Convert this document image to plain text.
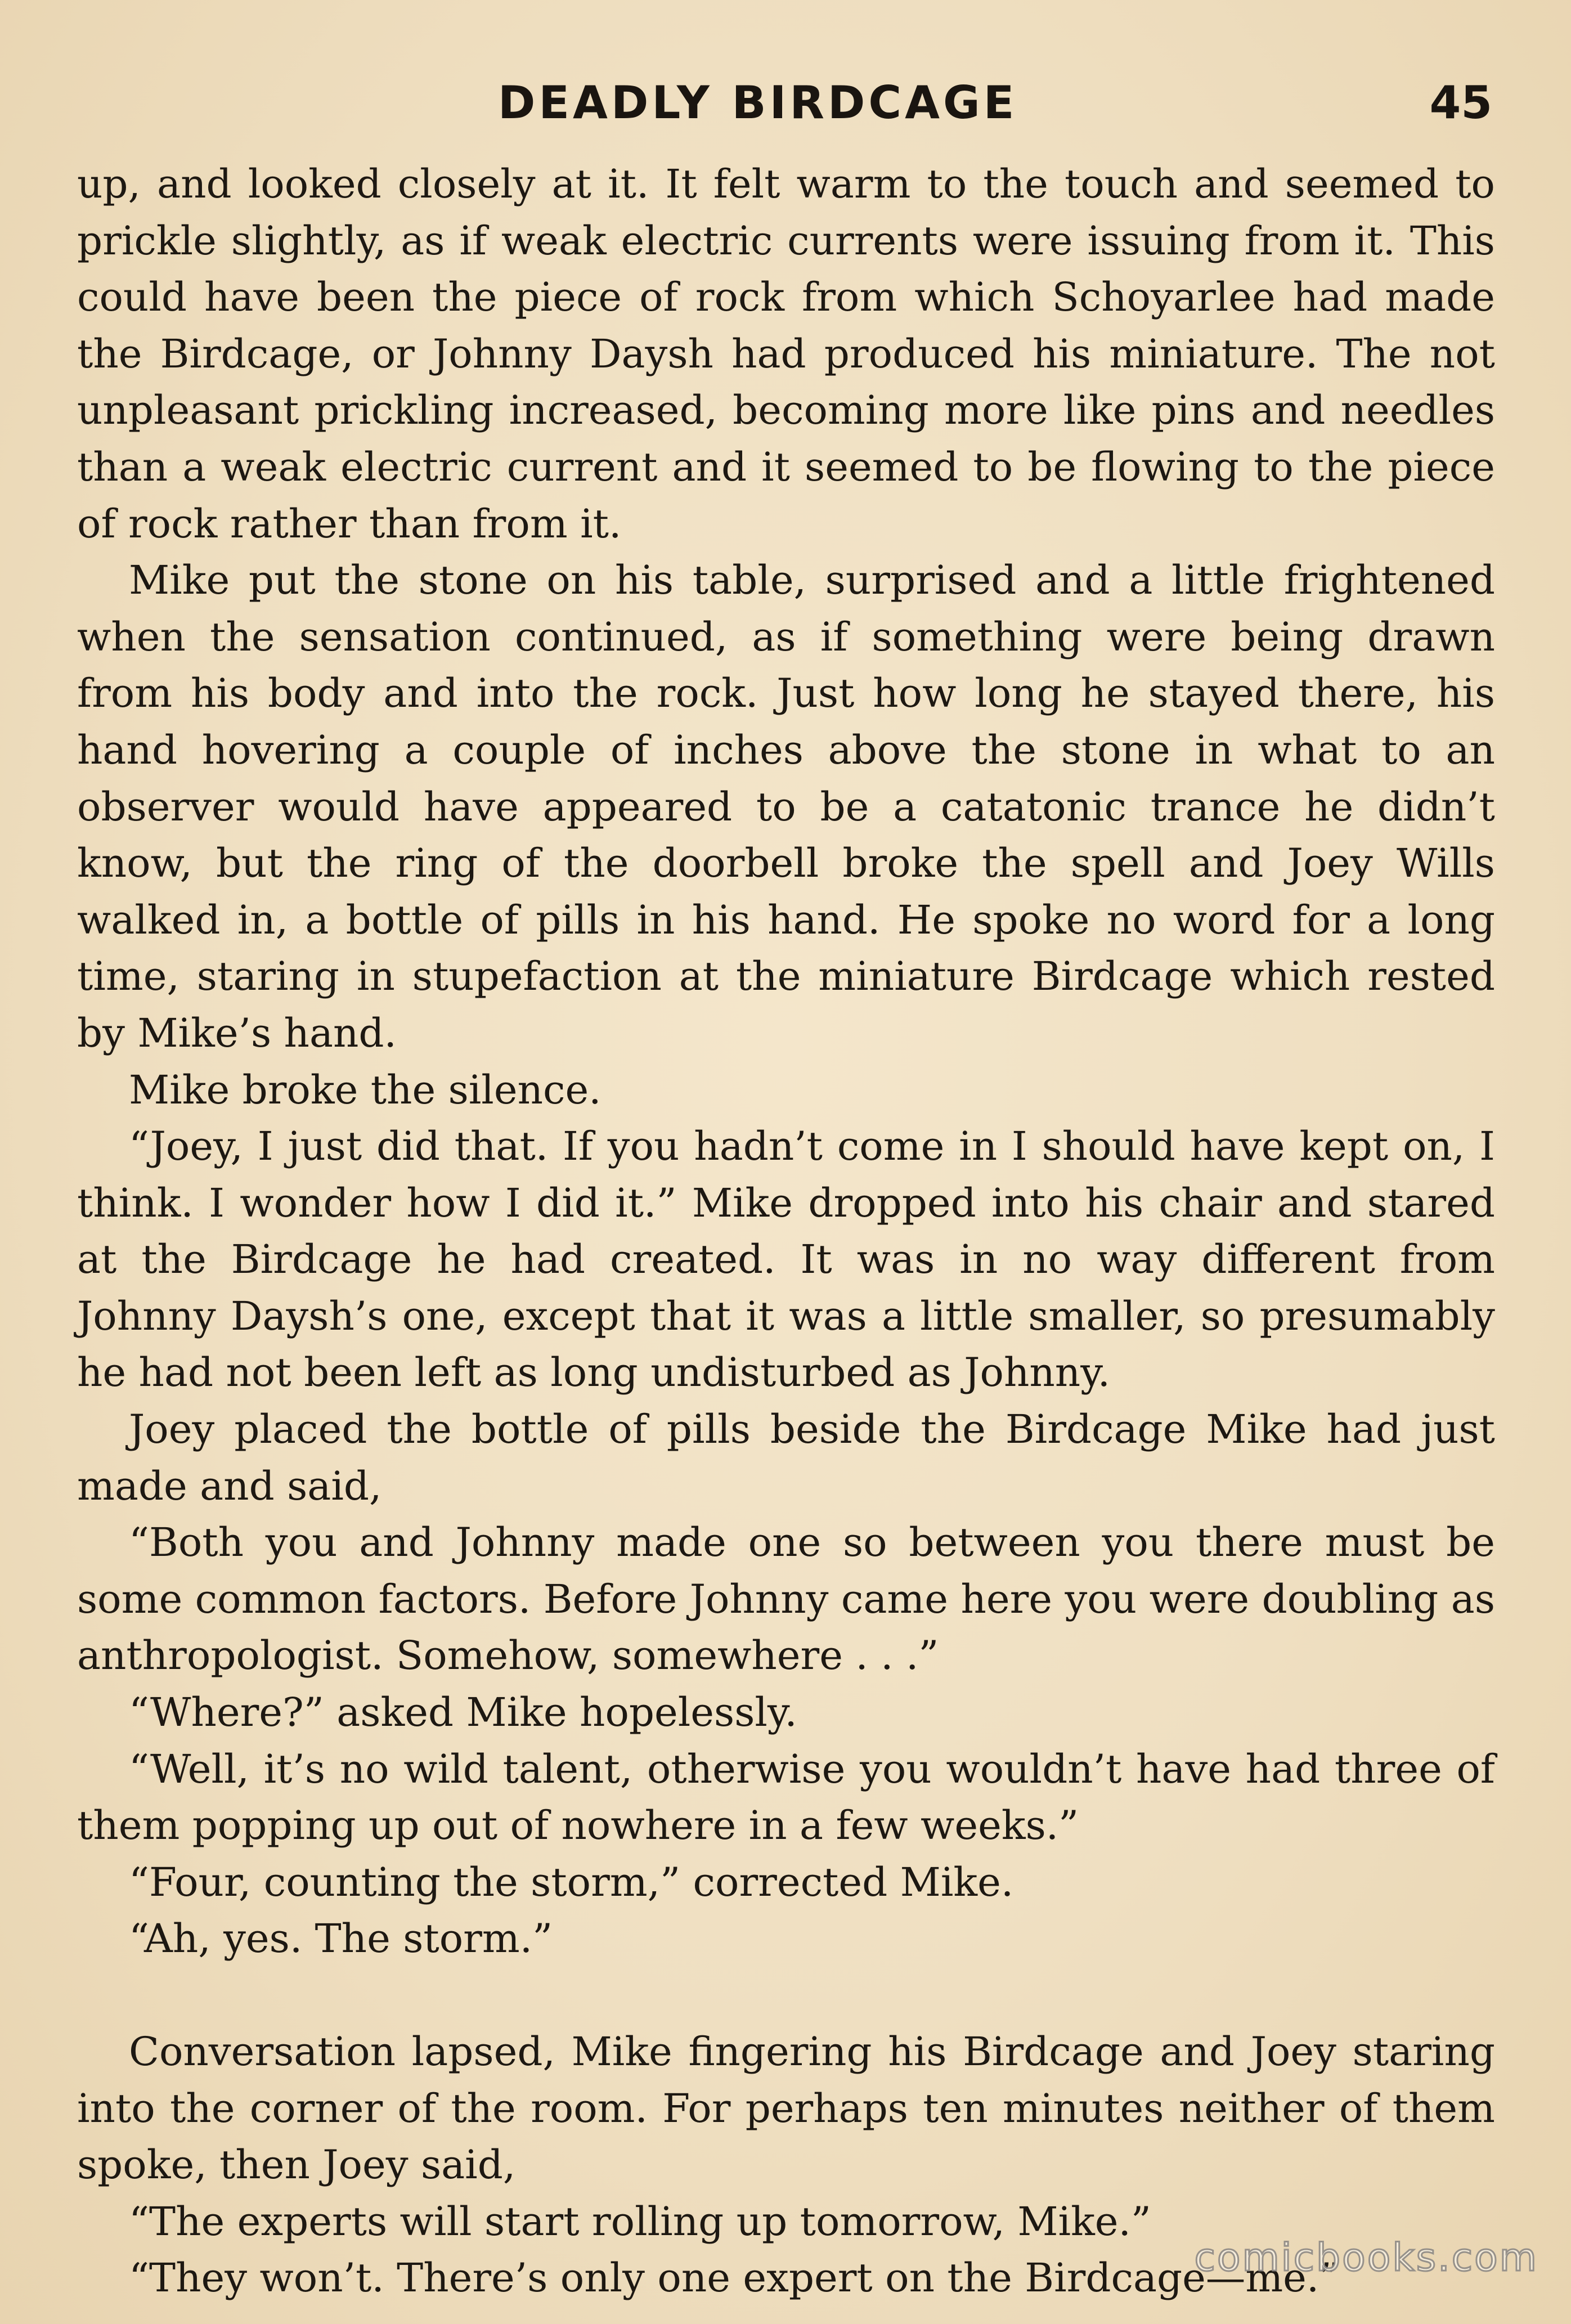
DEADLY BIRDCAGE	45

up, and looked closely at it. It felt warm to the touch and seemed to prickle slightly, as if weak electric currents were issuing from it. This could have been the piece of rock from which Schoyarlee had made the Birdcage, or Johnny Daysh had produced his miniature. The not unpleasant prickling increased, becoming more like pins and needles than a weak electric current and it seemed to be flowing to the piece of rock rather than from it.

Mike put the stone on his table, surprised and a little frightened when the sensation continued, as if something were being drawn from his body and into the rock. Just how long he stayed there, his hand hovering a couple of inches above the stone in what to an observer would have appeared to be a catatonic trance he didn’t know, but the ring of the doorbell broke the spell and Joey Wills walked in, a bottle of pills in his hand. He spoke no word for a long time, staring in stupefaction at the miniature Birdcage which rested by Mike’s hand.

Mike broke the silence.

“Joey, I just did that. If you hadn’t come in I should have kept on, I think. I wonder how I did it.” Mike dropped into his chair and stared at the Birdcage he had created. It was in no way different from Johnny Daysh’s one, except that it was a little smaller, so presumably he had not been left as long undisturbed as Johnny.

Joey placed the bottle of pills beside the Birdcage Mike had just made and said,

“Both you and Johnny made one so between you there must be some common factors. Before Johnny came here you were doubling as anthropologist. Somehow, somewhere . . .”

“Where?” asked Mike hopelessly.

“Well, it’s no wild talent, otherwise you wouldn’t have had three of them popping up out of nowhere in a few weeks.”

“Four, counting the storm,” corrected Mike.

“Ah, yes. The storm.”

Conversation lapsed, Mike fingering his Birdcage and Joey staring into the corner of the room. For perhaps ten minutes neither of them spoke, then Joey said,

“The experts will start rolling up tomorrow, Mike.”

“They won’t. There’s only one expert on the Birdcage—me.”

comicbooks.com
